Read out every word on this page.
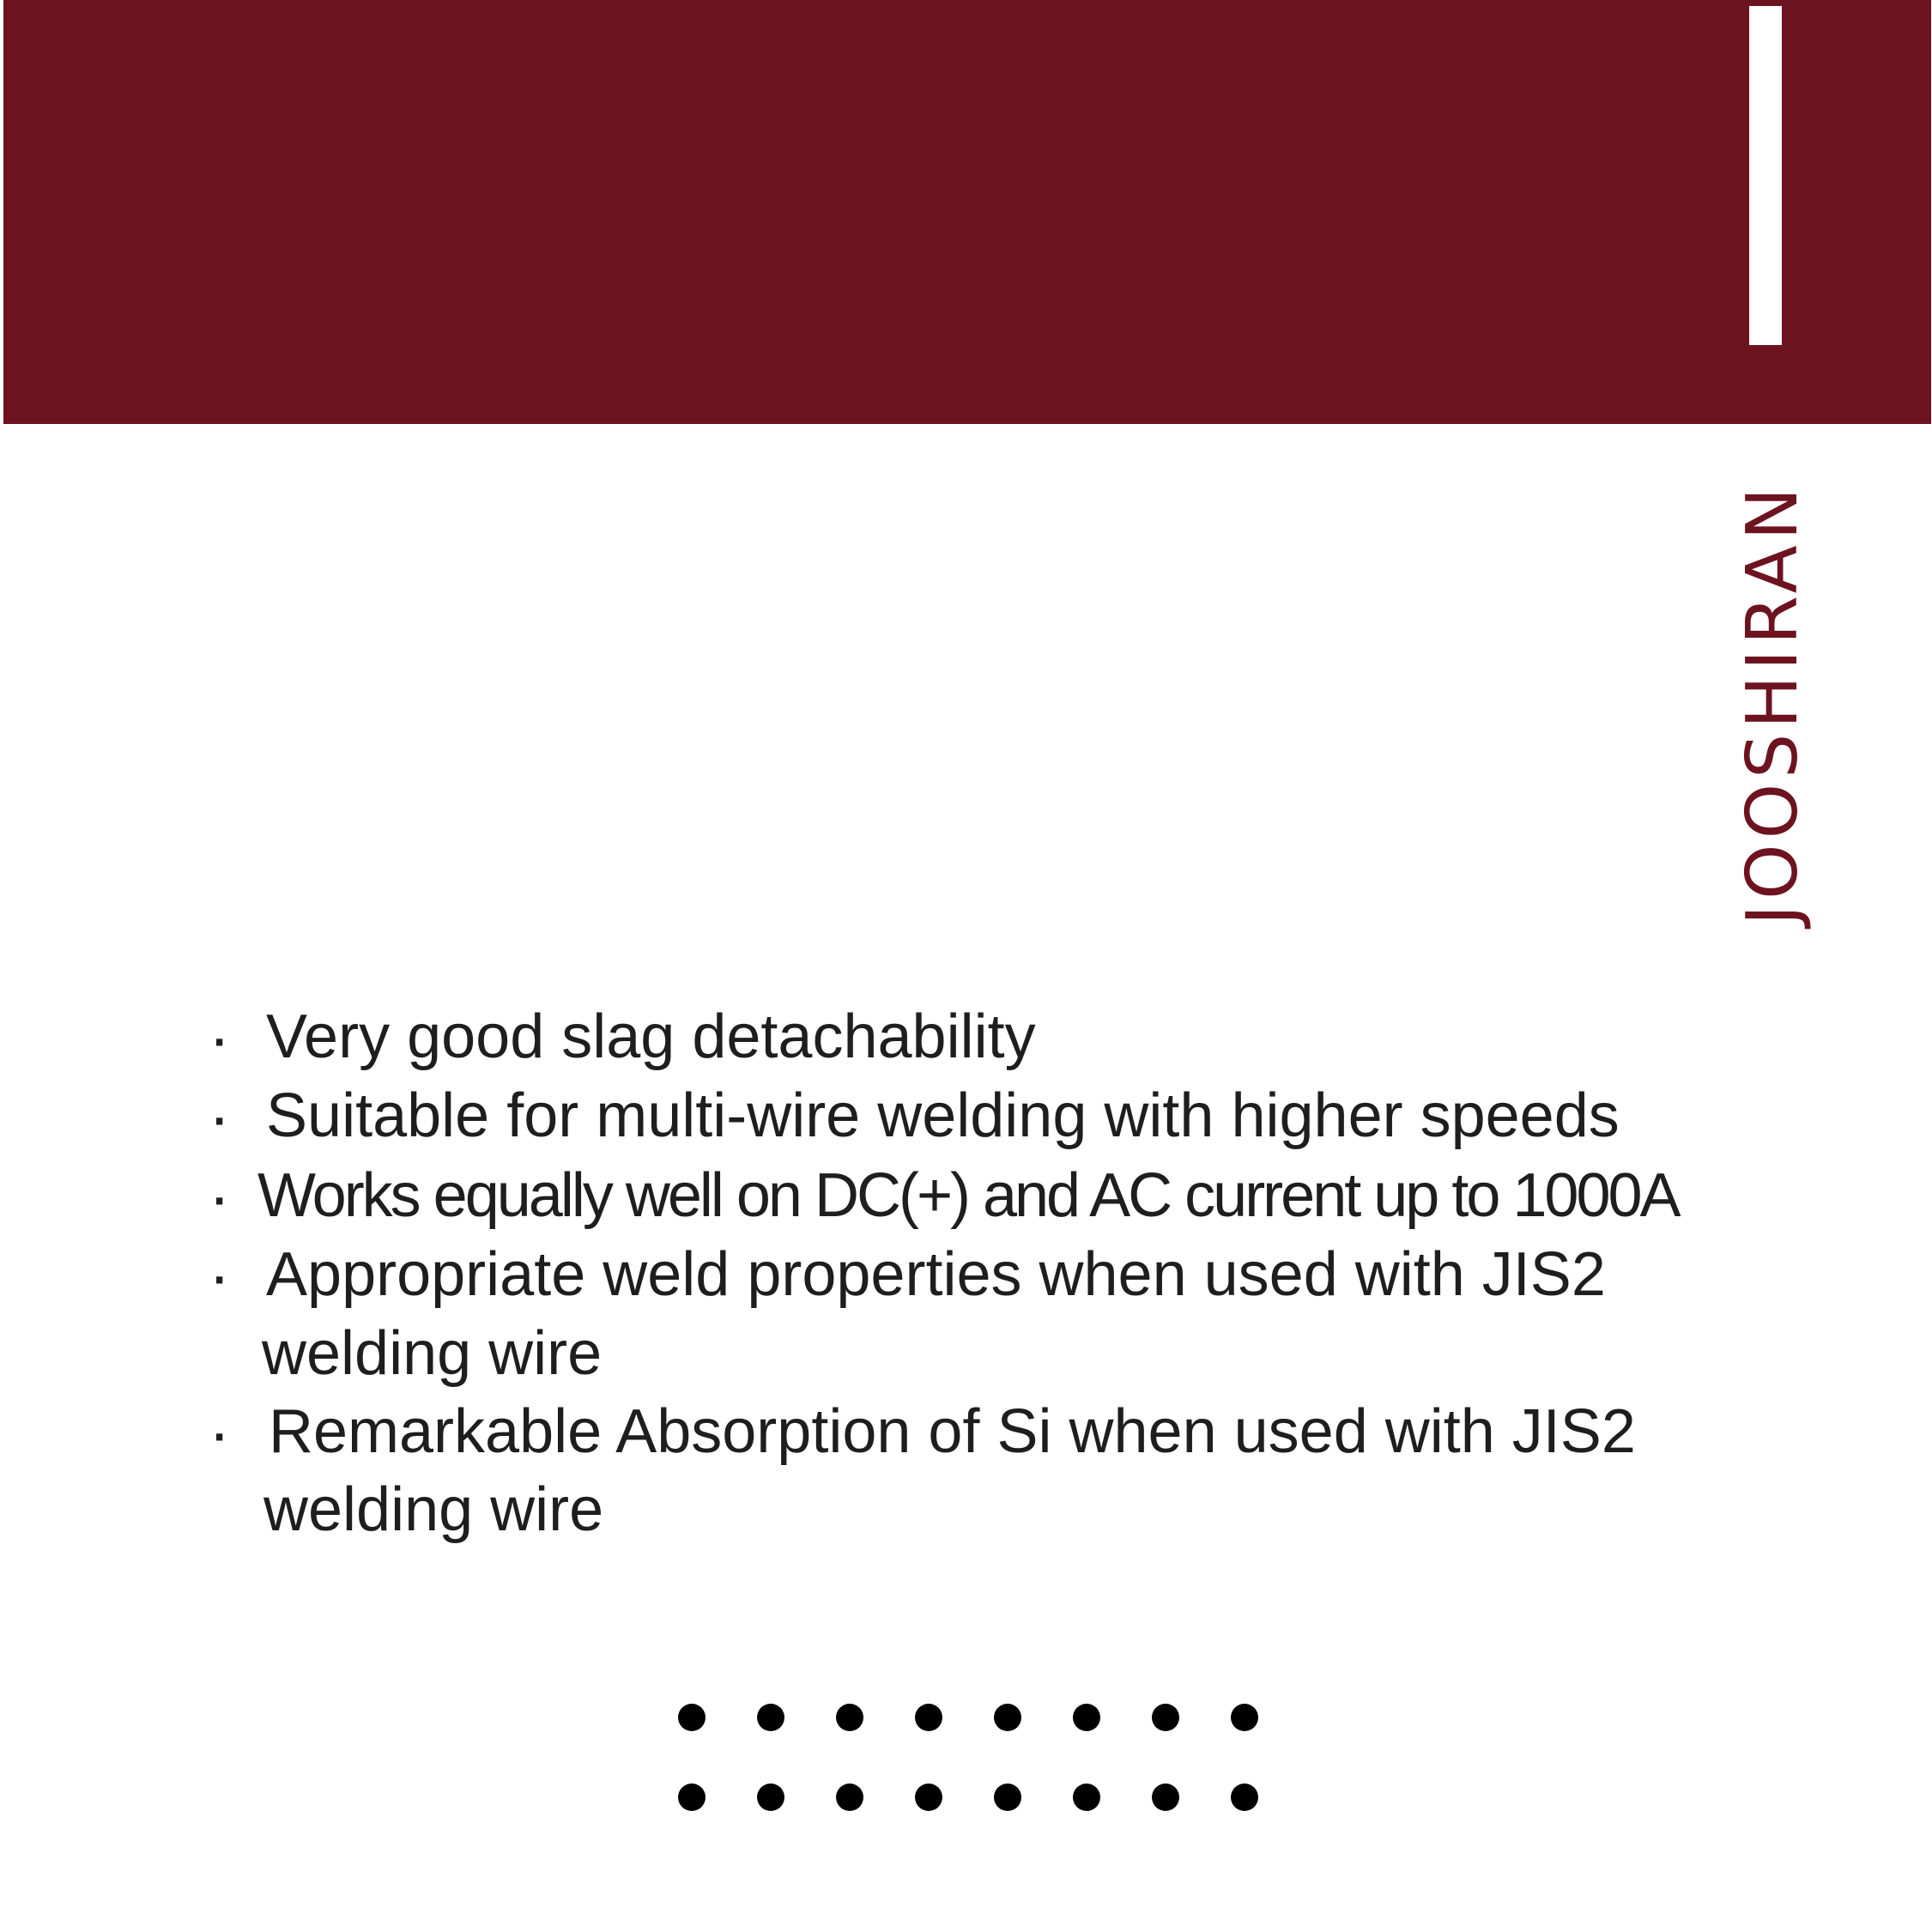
JOOSHIRAN
· Very good slag detachability
· Suitable for multi-wire welding with higher speeds
· Works equally well on DC(+) and AC current up to 1000A
· Appropriate weld properties when used with JIS2
welding wire
· Remarkable Absorption of Si when used with JIS2
welding wire
